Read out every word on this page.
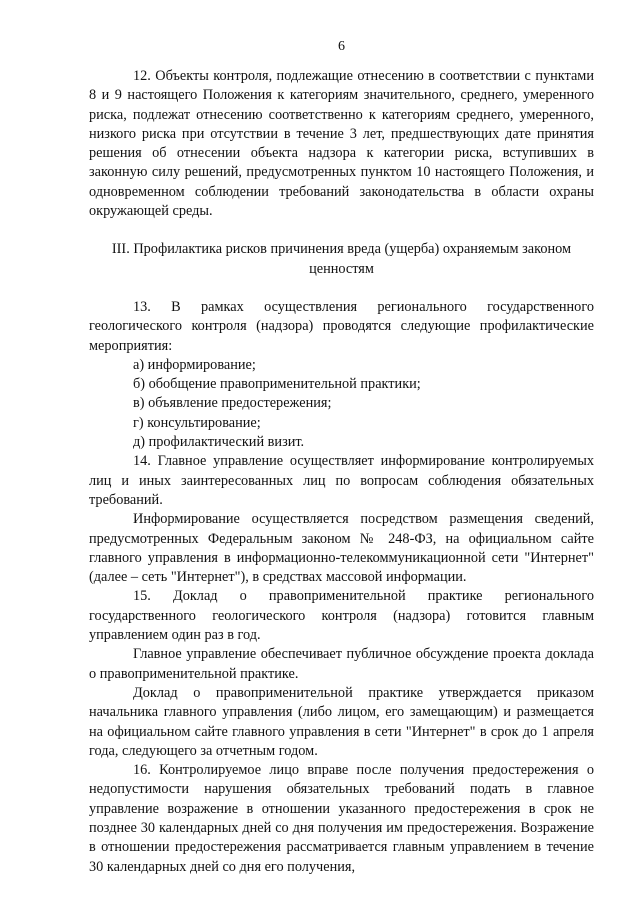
6

12. Объекты контроля, подлежащие отнесению в соответствии с пунктами 8 и 9 настоящего Положения к категориям значительного, среднего, умеренного риска, подлежат отнесению соответственно к категориям среднего, умеренного, низкого риска при отсутствии в течение 3 лет, предшествующих дате принятия решения об отнесении объекта надзора к категории риска, вступивших в законную силу решений, предусмотренных пунктом 10 настоящего Положения, и одновременном соблюдении требований законодательства в области охраны окружающей среды.

III. Профилактика рисков причинения вреда (ущерба) охраняемым законом ценностям

13. В рамках осуществления регионального государственного геологического контроля (надзора) проводятся следующие профилактические мероприятия:

а) информирование;

б) обобщение правоприменительной практики;

в) объявление предостережения;

г) консультирование;

д) профилактический визит.

14. Главное управление осуществляет информирование контролируемых лиц и иных заинтересованных лиц по вопросам соблюдения обязательных требований.

Информирование осуществляется посредством размещения сведений, предусмотренных Федеральным законом № 248-ФЗ, на официальном сайте главного управления в информационно-телекоммуникационной сети "Интернет" (далее – сеть "Интернет"), в средствах массовой информации.

15. Доклад о правоприменительной практике регионального государственного геологического контроля (надзора) готовится главным управлением один раз в год.

Главное управление обеспечивает публичное обсуждение проекта доклада о правоприменительной практике.

Доклад о правоприменительной практике утверждается приказом начальника главного управления (либо лицом, его замещающим) и размещается на официальном сайте главного управления в сети "Интернет" в срок до 1 апреля года, следующего за отчетным годом.

16. Контролируемое лицо вправе после получения предостережения о недопустимости нарушения обязательных требований подать в главное управление возражение в отношении указанного предостережения в срок не позднее 30 календарных дней со дня получения им предостережения. Возражение в отношении предостережения рассматривается главным управлением в течение 30 календарных дней со дня его получения,
